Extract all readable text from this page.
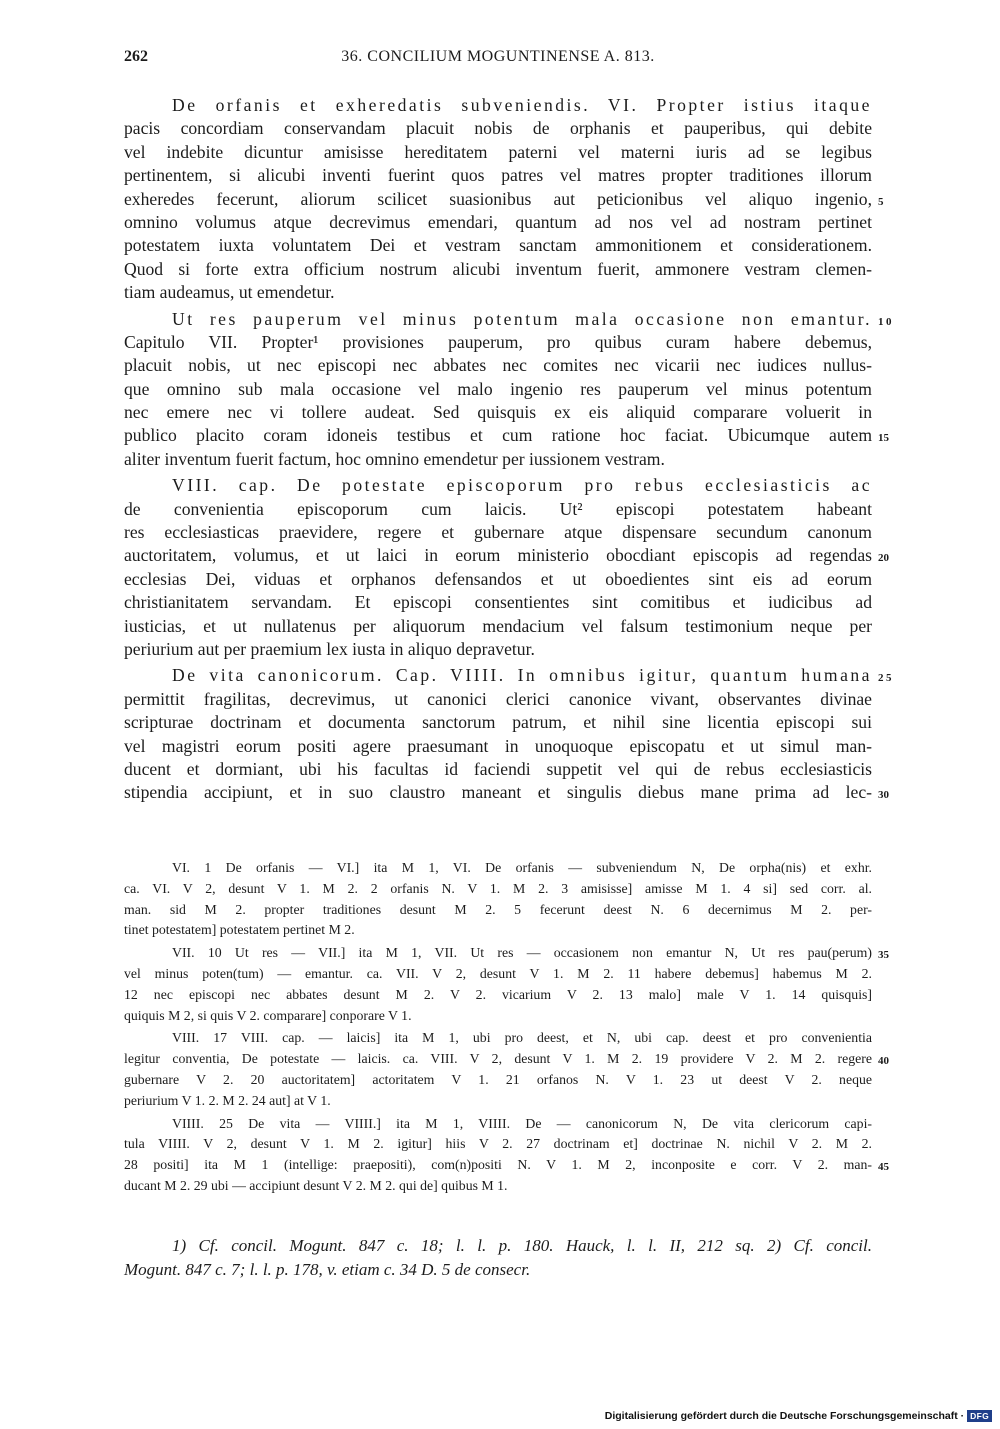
262	36. CONCILIUM MOGUNTINENSE A. 813.
De orfanis et exheredatis subveniendis. VI. Propter istius itaque
pacis concordiam conservandam placuit nobis de orphanis et pauperibus, qui debite
vel indebite dicuntur amisisse hereditatem paterni vel materni iuris ad se legibus
pertinentem, si alicubi inventi fuerint quos patres vel matres propter traditiones illorum
exheredes fecerunt, aliorum scilicet suasionibus aut peticionibus vel aliquo ingenio, 5
omnino volumus atque decrevimus emendari, quantum ad nos vel ad nostram pertinet
potestatem iuxta voluntatem Dei et vestram sanctam ammonitionem et considerationem.
Quod si forte extra officium nostrum alicubi inventum fuerit, ammonere vestram clemen-
tiam audeamus, ut emendetur.
Ut res pauperum vel minus potentum mala occasione non emantur. 10
Capitulo VII. Propter¹ provisiones pauperum, pro quibus curam habere debemus,
placuit nobis, ut nec episcopi nec abbates nec comites nec vicarii nec iudices nullus-
que omnino sub mala occasione vel malo ingenio res pauperum vel minus potentum
nec emere nec vi tollere audeat. Sed quisquis ex eis aliquid comparare voluerit in
publico placito coram idoneis testibus et cum ratione hoc faciat. Ubicumque autem 15
aliter inventum fuerit factum, hoc omnino emendetur per iussionem vestram.
VIII. cap. De potestate episcoporum pro rebus ecclesiasticis ac
de convenientia episcoporum cum laicis. Ut² episcopi potestatem habeant
res ecclesiasticas praevidere, regere et gubernare atque dispensare secundum canonum
auctoritatem, volumus, et ut laici in eorum ministerio obocdiant episcopis ad regendas 20
ecclesias Dei, viduas et orphanos defensandos et ut oboedientes sint eis ad eorum
christianitatem servandam. Et episcopi consentientes sint comitibus et iudicibus ad
iusticias, et ut nullatenus per aliquorum mendacium vel falsum testimonium neque per
periurium aut per praemium lex iusta in aliquo depravetur.
De vita canonicorum. Cap. VIIII. In omnibus igitur, quantum humana 25
permittit fragilitas, decrevimus, ut canonici clerici canonice vivant, observantes divinae
scripturae doctrinam et documenta sanctorum patrum, et nihil sine licentia episcopi sui
vel magistri eorum positi agere praesumant in unoquoque episcopatu et ut simul man-
ducent et dormiant, ubi his facultas id faciendi suppetit vel qui de rebus ecclesiasticis
stipendia accipiunt, et in suo claustro maneant et singulis diebus mane prima ad lec- 30
VI. 1 De orfanis — VI.] ita M 1, VI. De orfanis — subveniendum N, De orpha(nis) et exhr.
ca. VI. V 2, desunt V 1. M 2. 2 orfanis N. V 1. M 2. 3 amisisse] amisse M 1. 4 si] sed corr. al.
man. sid M 2. propter traditiones desunt M 2. 5 fecerunt deest N. 6 decernimus M 2. per-
tinet potestatem] potestatem pertinet M 2.
VII. 10 Ut res — VII.] ita M 1, VII. Ut res — occasionem non emantur N, Ut res pau(perum) 35
vel minus poten(tum) — emantur. ca. VII. V 2, desunt V 1. M 2. 11 habere debemus] habemus M 2.
12 nec episcopi nec abbates desunt M 2. V 2. vicarium V 2. 13 malo] male V 1. 14 quisquis]
quiquis M 2, si quis V 2. comparare] conporare V 1.
VIII. 17 VIII. cap. — laicis] ita M 1, ubi pro deest, et N, ubi cap. deest et pro convenientia
legitur conventia, De potestate — laicis. ca. VIII. V 2, desunt V 1. M 2. 19 providere V 2. M 2. regere 40
gubernare V 2. 20 auctoritatem] actoritatem V 1. 21 orfanos N. V 1. 23 ut deest V 2. neque
periurium V 1. 2. M 2. 24 aut] at V 1.
VIIII. 25 De vita — VIIII.] ita M 1, VIIII. De — canonicorum N, De vita clericorum capi-
tula VIIII. V 2, desunt V 1. M 2. igitur] hiis V 2. 27 doctrinam et] doctrinae N. nichil V 2. M 2.
28 positi] ita M 1 (intellige: praepositi), com(n)positi N. V 1. M 2, inconposite e corr. V 2. man- 45
ducant M 2. 29 ubi — accipiunt desunt V 2. M 2. qui de] quibus M 1.
1) Cf. concil. Mogunt. 847 c. 18; l. l. p. 180. Hauck, l. l. II, 212 sq. 2) Cf. concil.
Mogunt. 847 c. 7; l. l. p. 178, v. etiam c. 34 D. 5 de consecr.
Digitalisierung gefördert durch die Deutsche Forschungsgemeinschaft · DFG
